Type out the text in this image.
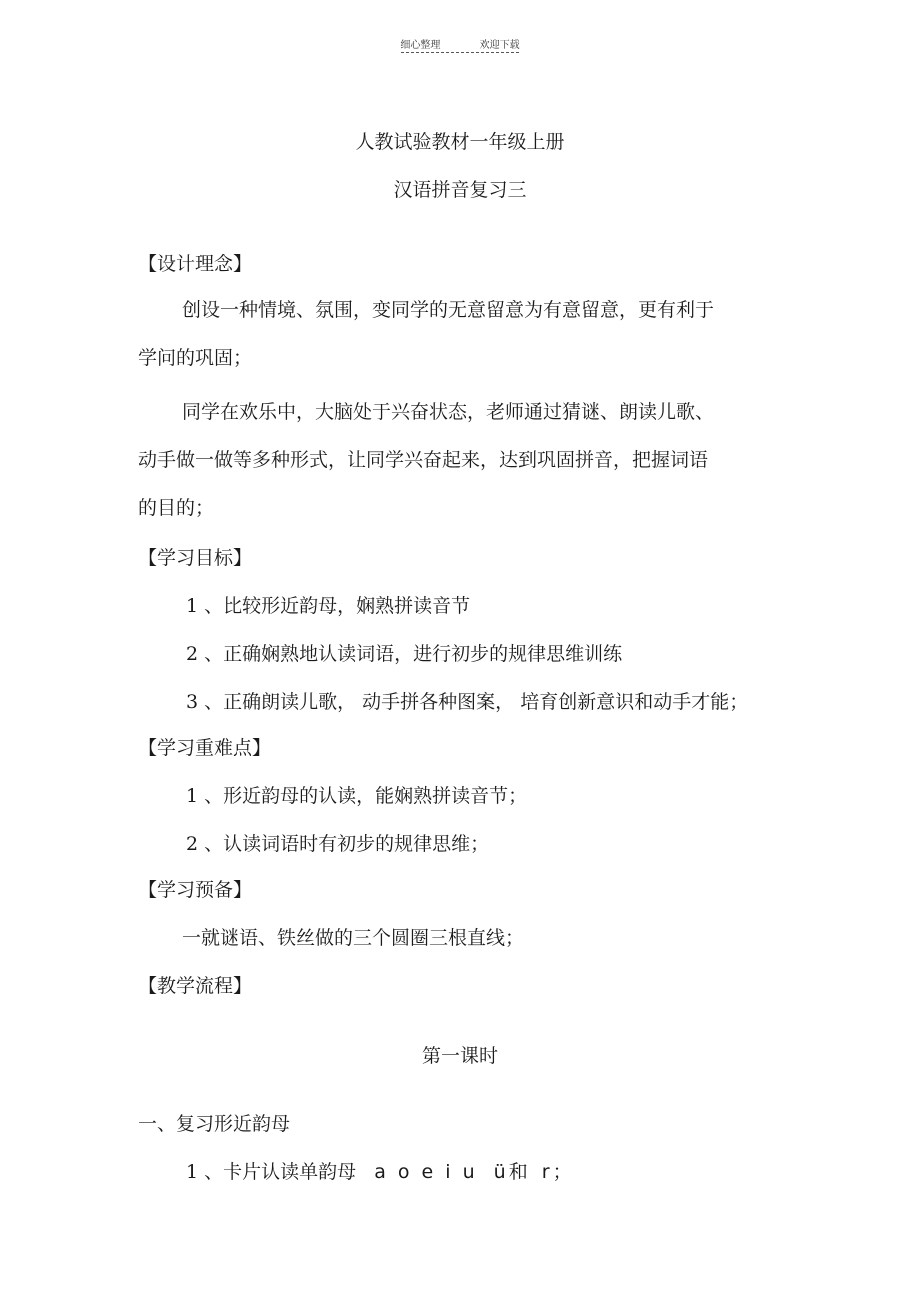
细心整理	欢迎下载
人教试验教材一年级上册
汉语拼音复习三
【设计理念】
创设一种情境、氛围，变同学的无意留意为有意留意，更有利于
学问的巩固；
同学在欢乐中，大脑处于兴奋状态，老师通过猜谜、朗读儿歌、
动手做一做等多种形式，让同学兴奋起来，达到巩固拼音，把握词语
的目的；
【学习目标】
1 、比较形近韵母，娴熟拼读音节
2 、正确娴熟地认读词语，进行初步的规律思维训练
3 、正确朗读儿歌， 动手拼各种图案， 培育创新意识和动手才能；
【学习重难点】
1 、形近韵母的认读，能娴熟拼读音节；
2 、认读词语时有初步的规律思维；
【学习预备】
一就谜语、铁丝做的三个圆圈三根直线；
【教学流程】
第一课时
一、复习形近韵母
1 、卡片认读单韵母 a o e i u ü和 r；
